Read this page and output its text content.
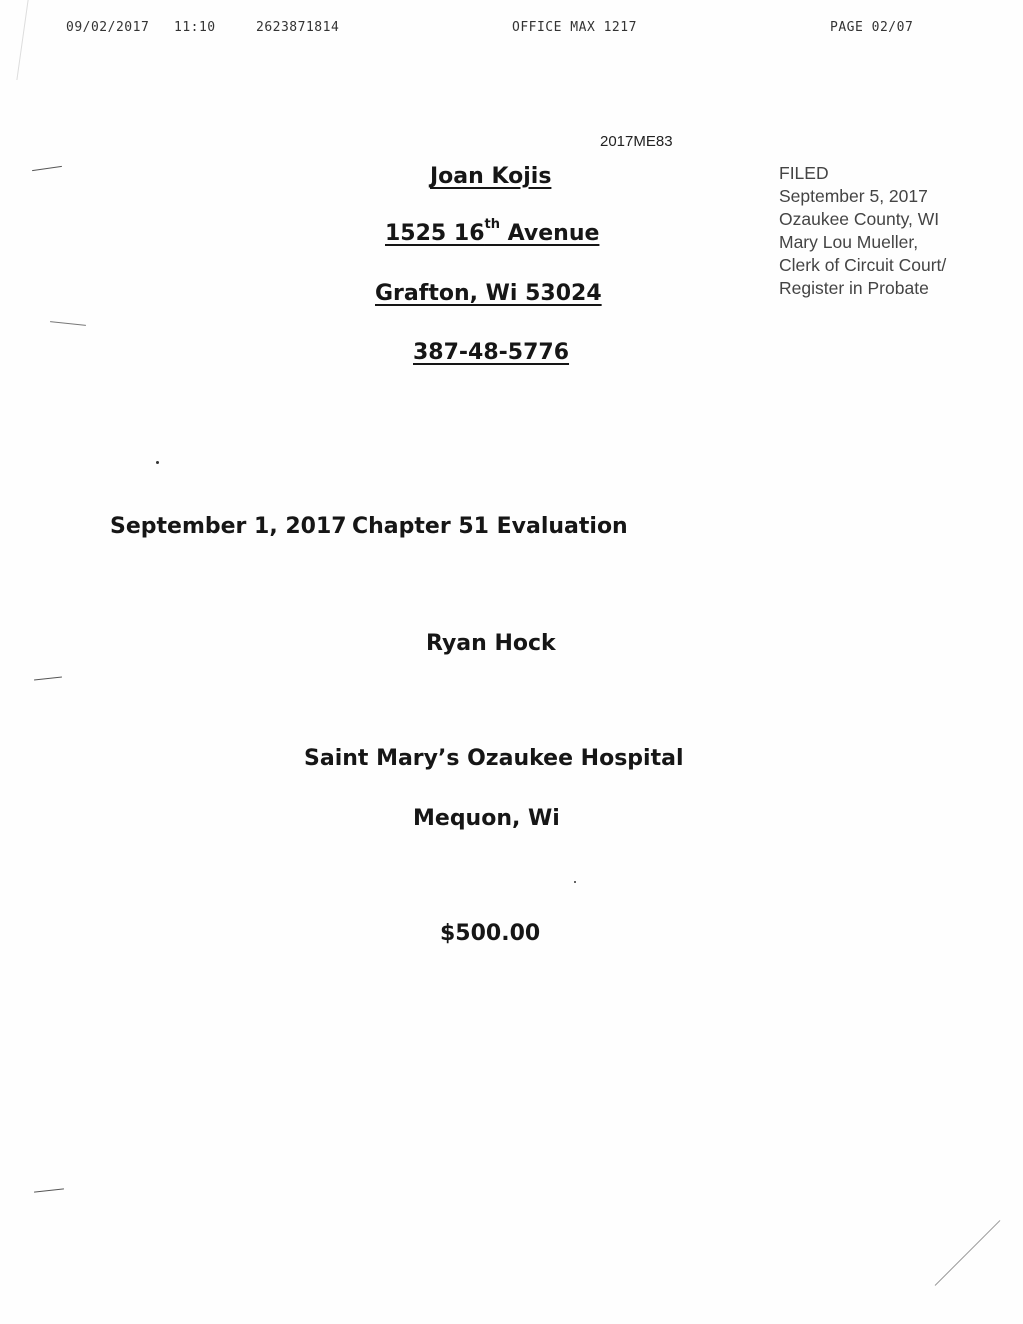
09/02/2017 11:10	2623871814	OFFICE MAX 1217	PAGE 02/07
2017ME83
FILED
September 5, 2017
Ozaukee County, WI
Mary Lou Mueller,
Clerk of Circuit Court/
Register in Probate
Joan Kojis
1525 16th Avenue
Grafton, Wi 53024
387-48-5776
September 1, 2017 Chapter 51 Evaluation
Ryan Hock
Saint Mary’s Ozaukee Hospital
Mequon, Wi
$500.00
